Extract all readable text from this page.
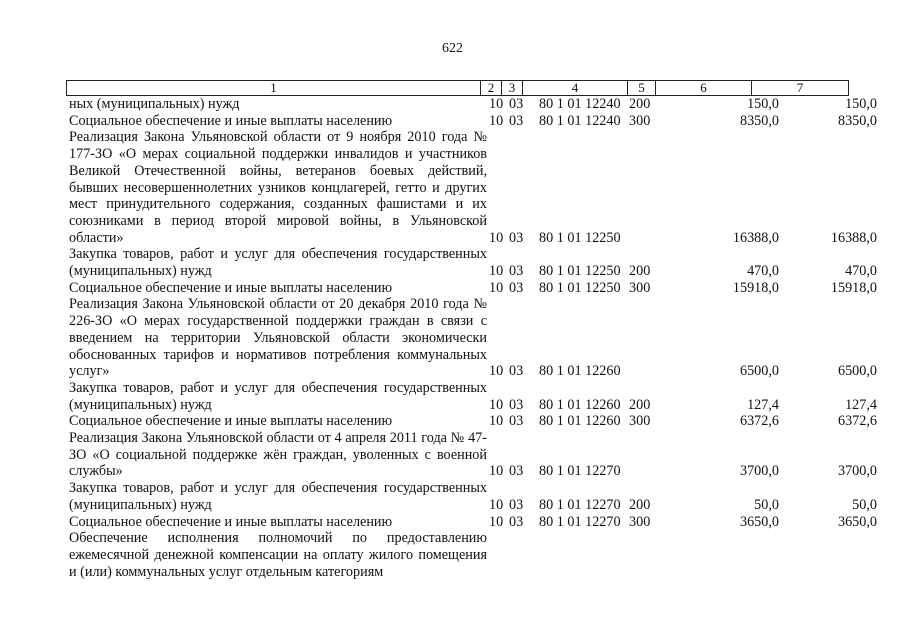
622
1	2	3	4	5	6	7
ных (муниципальных) нужд	10 03	80 1 01 12240 200	150,0	150,0
Социальное обеспечение и иные выплаты населению	10 03	80 1 01 12240 300	8350,0	8350,0
Реализация Закона Ульяновской области от 9 ноября 2010 года № 177-ЗО «О мерах социальной поддержки инвалидов и участников Великой Отечественной войны, ветеранов боевых действий, бывших несовершеннолетних узников концлагерей, гетто и других мест принудительного содержания, созданных фашистами и их союзниками в период второй мировой войны, в Ульяновской области»	10 03	80 1 01 12250	16388,0	16388,0
Закупка товаров, работ и услуг для обеспечения государственных (муниципальных) нужд	10 03	80 1 01 12250 200	470,0	470,0
Социальное обеспечение и иные выплаты населению	10 03	80 1 01 12250 300	15918,0	15918,0
Реализация Закона Ульяновской области от 20 декабря 2010 года № 226-ЗО «О мерах государственной поддержки граждан в связи с введением на территории Ульяновской области экономически обоснованных тарифов и нормативов потребления коммунальных услуг»	10 03	80 1 01 12260	6500,0	6500,0
Закупка товаров, работ и услуг для обеспечения государственных (муниципальных) нужд	10 03	80 1 01 12260 200	127,4	127,4
Социальное обеспечение и иные выплаты населению	10 03	80 1 01 12260 300	6372,6	6372,6
Реализация Закона Ульяновской области от 4 апреля 2011 года № 47-ЗО «О социальной поддержке жён граждан, уволенных с военной службы»	10 03	80 1 01 12270	3700,0	3700,0
Закупка товаров, работ и услуг для обеспечения государственных (муниципальных) нужд	10 03	80 1 01 12270 200	50,0	50,0
Социальное обеспечение и иные выплаты населению	10 03	80 1 01 12270 300	3650,0	3650,0
Обеспечение исполнения полномочий по предоставлению ежемесячной денежной компенсации на оплату жилого помещения и (или) коммунальных услуг отдельным категориям
